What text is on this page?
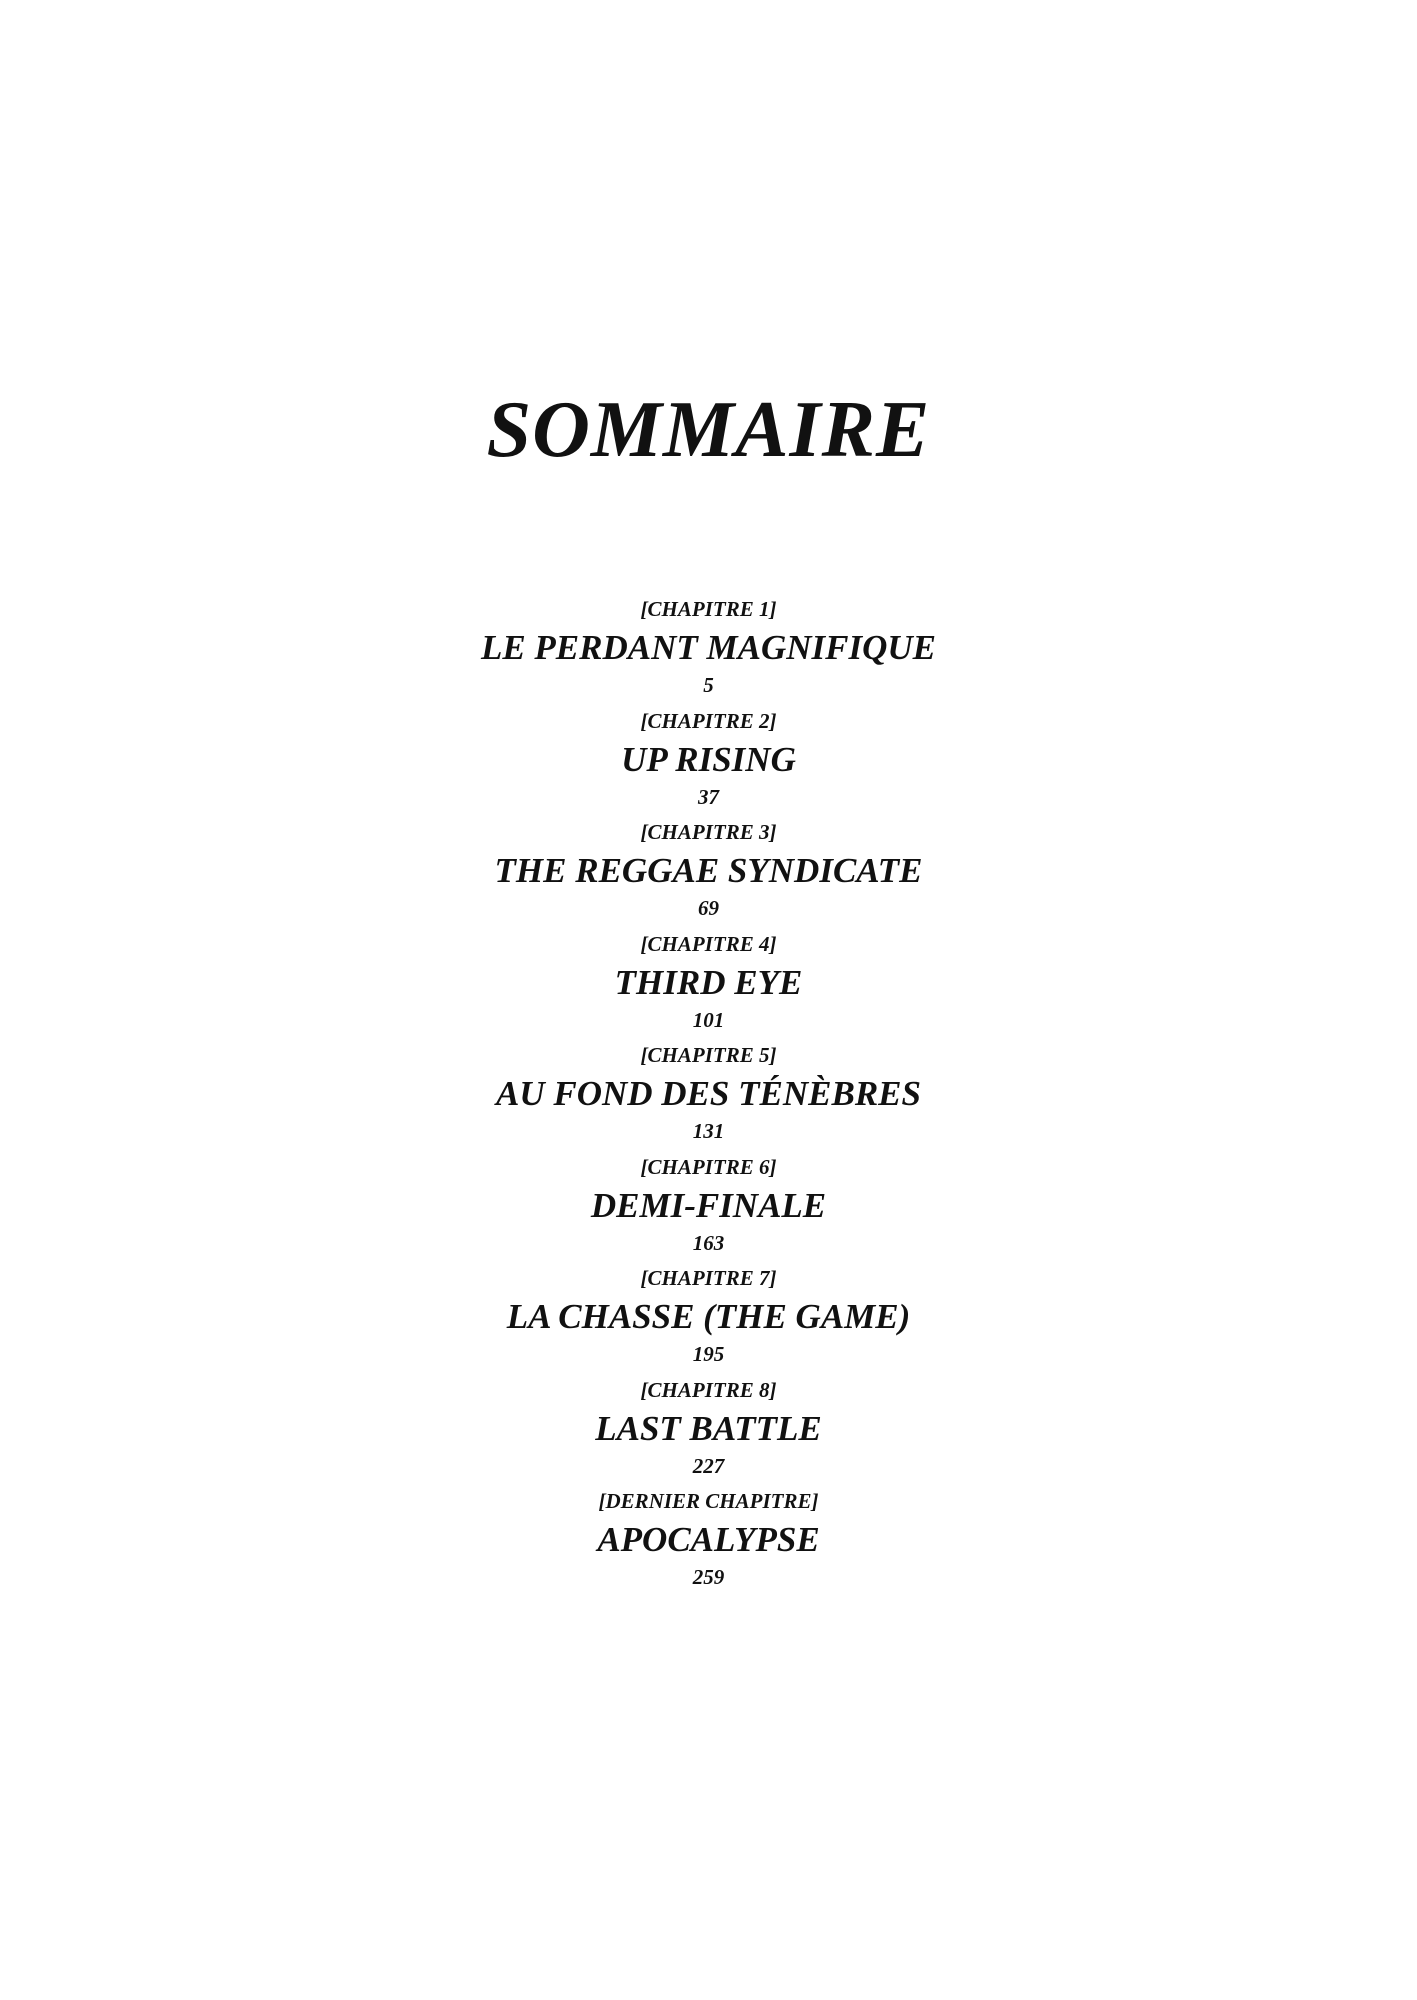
SOMMAIRE
[CHAPITRE 1]
LE PERDANT MAGNIFIQUE
5
[CHAPITRE 2]
UP RISING
37
[CHAPITRE 3]
THE REGGAE SYNDICATE
69
[CHAPITRE 4]
THIRD EYE
101
[CHAPITRE 5]
AU FOND DES TÉNÈBRES
131
[CHAPITRE 6]
DEMI-FINALE
163
[CHAPITRE 7]
LA CHASSE (THE GAME)
195
[CHAPITRE 8]
LAST BATTLE
227
[DERNIER CHAPITRE]
APOCALYPSE
259
